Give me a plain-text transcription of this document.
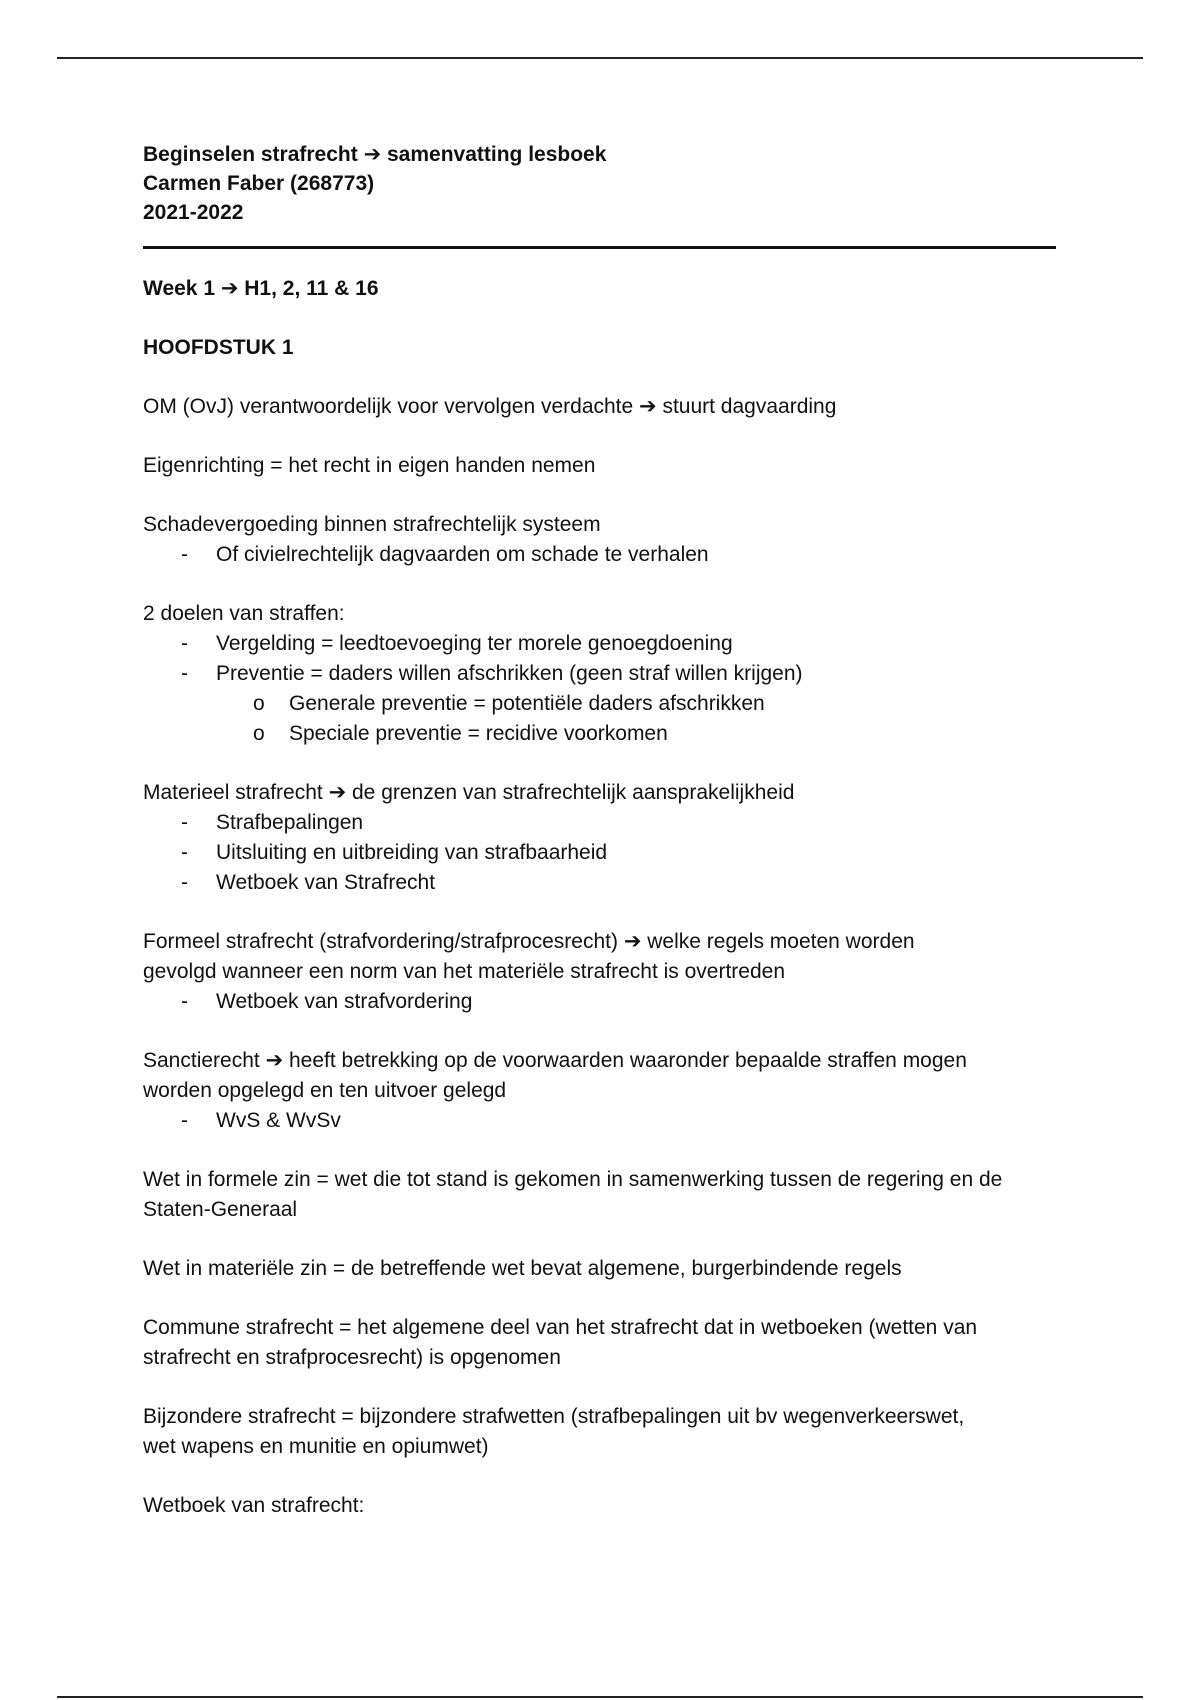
Beginselen strafrecht ➔ samenvatting lesboek
Carmen Faber (268773)
2021-2022
Week 1 ➔ H1, 2, 11 & 16
HOOFDSTUK 1
OM (OvJ) verantwoordelijk voor vervolgen verdachte ➔ stuurt dagvaarding
Eigenrichting = het recht in eigen handen nemen
Schadevergoeding binnen strafrechtelijk systeem
- Of civielrechtelijk dagvaarden om schade te verhalen
2 doelen van straffen:
- Vergelding = leedtoevoeging ter morele genoegdoening
- Preventie = daders willen afschrikken (geen straf willen krijgen)
o Generale preventie = potentiële daders afschrikken
o Speciale preventie = recidive voorkomen
Materieel strafrecht ➔ de grenzen van strafrechtelijk aansprakelijkheid
- Strafbepalingen
- Uitsluiting en uitbreiding van strafbaarheid
- Wetboek van Strafrecht
Formeel strafrecht (strafvordering/strafprocesrecht) ➔ welke regels moeten worden
gevolgd wanneer een norm van het materiële strafrecht is overtreden
- Wetboek van strafvordering
Sanctierecht ➔ heeft betrekking op de voorwaarden waaronder bepaalde straffen mogen
worden opgelegd en ten uitvoer gelegd
- WvS & WvSv
Wet in formele zin = wet die tot stand is gekomen in samenwerking tussen de regering en de
Staten-Generaal
Wet in materiële zin = de betreffende wet bevat algemene, burgerbindende regels
Commune strafrecht = het algemene deel van het strafrecht dat in wetboeken (wetten van
strafrecht en strafprocesrecht) is opgenomen
Bijzondere strafrecht = bijzondere strafwetten (strafbepalingen uit bv wegenverkeerswet,
wet wapens en munitie en opiumwet)
Wetboek van strafrecht:
